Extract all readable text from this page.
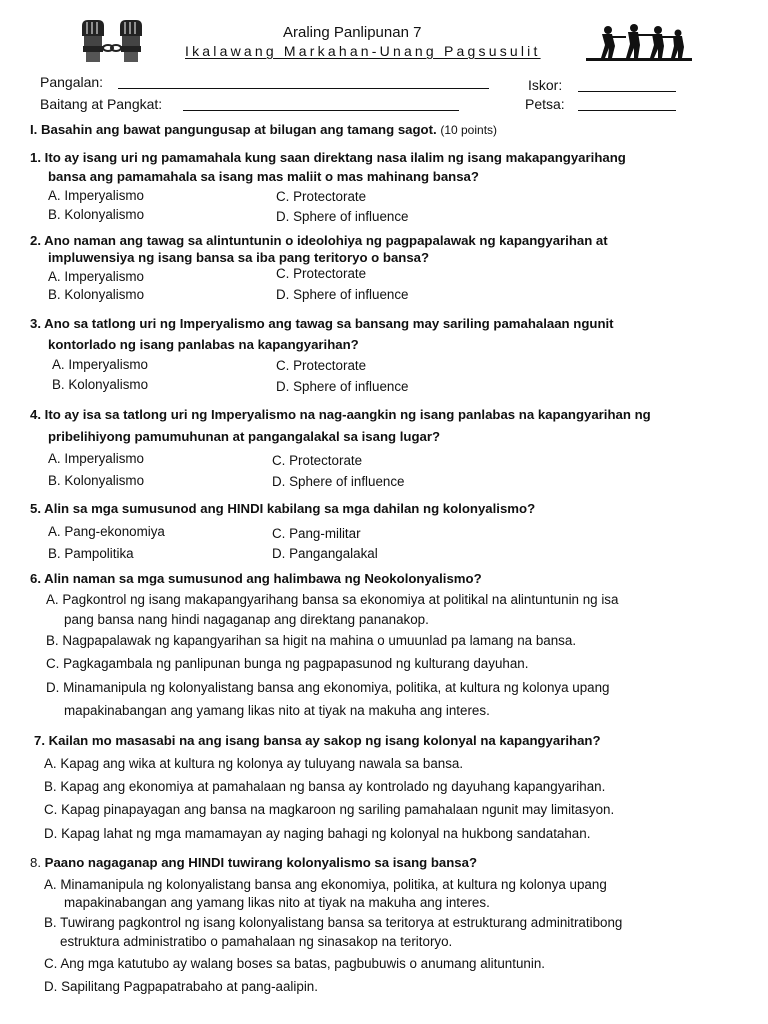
Araling Panlipunan 7
Ikalawang Markahan-Unang Pagsusulit
Pangalan:	Iskor:
Baitang at Pangkat:	Petsa:
I. Basahin ang bawat pangungusap at bilugan ang tamang sagot. (10 points)
1. Ito ay isang uri ng pamamahala kung saan direktang nasa ilalim ng isang makapangyarihang
bansa ang pamamahala sa isang mas maliit o mas mahinang bansa?
A. Imperyalismo	C. Protectorate
B. Kolonyalismo	D. Sphere of influence
2. Ano naman ang tawag sa alintuntunin o ideolohiya ng pagpapalawak ng kapangyarihan at
impluwensiya ng isang bansa sa iba pang teritoryo o bansa?
A. Imperyalismo	C. Protectorate
B. Kolonyalismo	D. Sphere of influence
3. Ano sa tatlong uri ng Imperyalismo ang tawag sa bansang may sariling pamahalaan ngunit
kontorlado ng isang panlabas na kapangyarihan?
A. Imperyalismo	C. Protectorate
B. Kolonyalismo	D. Sphere of influence
4. Ito ay isa sa tatlong uri ng Imperyalismo na nag-aangkin ng isang panlabas na kapangyarihan ng
pribelihiyong pamumuhunan at pangangalakal sa isang lugar?
A. Imperyalismo	C. Protectorate
B. Kolonyalismo	D. Sphere of influence
5. Alin sa mga sumusunod ang HINDI kabilang sa mga dahilan ng kolonyalismo?
A. Pang-ekonomiya	C. Pang-militar
B. Pampolitika	D. Pangangalakal
6. Alin naman sa mga sumusunod ang halimbawa ng Neokolonyalismo?
A. Pagkontrol ng isang makapangyarihang bansa sa ekonomiya at politikal na alintuntunin ng isa
pang bansa nang hindi nagaganap ang direktang pananakop.
B. Nagpapalawak ng kapangyarihan sa higit na mahina o umuunlad pa lamang na bansa.
C. Pagkagambala ng panlipunan bunga ng pagpapasunod ng kulturang dayuhan.
D. Minamanipula ng kolonyalistang bansa ang ekonomiya, politika, at kultura ng kolonya upang
mapakinabangan ang yamang likas nito at tiyak na makuha ang interes.
7. Kailan mo masasabi na ang isang bansa ay sakop ng isang kolonyal na kapangyarihan?
A. Kapag ang wika at kultura ng kolonya ay tuluyang nawala sa bansa.
B. Kapag ang ekonomiya at pamahalaan ng bansa ay kontrolado ng dayuhang kapangyarihan.
C. Kapag pinapayagan ang bansa na magkaroon ng sariling pamahalaan ngunit may limitasyon.
D. Kapag lahat ng mga mamamayan ay naging bahagi ng kolonyal na hukbong sandatahan.
8. Paano nagaganap ang HINDI tuwirang kolonyalismo sa isang bansa?
A. Minamanipula ng kolonyalistang bansa ang ekonomiya, politika, at kultura ng kolonya upang
mapakinabangan ang yamang likas nito at tiyak na makuha ang interes.
B. Tuwirang pagkontrol ng isang kolonyalistang bansa sa teritorya at estrukturang adminitratibong
estruktura administratibo o pamahalaan ng sinasakop na teritoryo.
C. Ang mga katutubo ay walang boses sa batas, pagbubuwis o anumang alituntunin.
D. Sapilitang Pagpapatrabaho at pang-aalipin.
